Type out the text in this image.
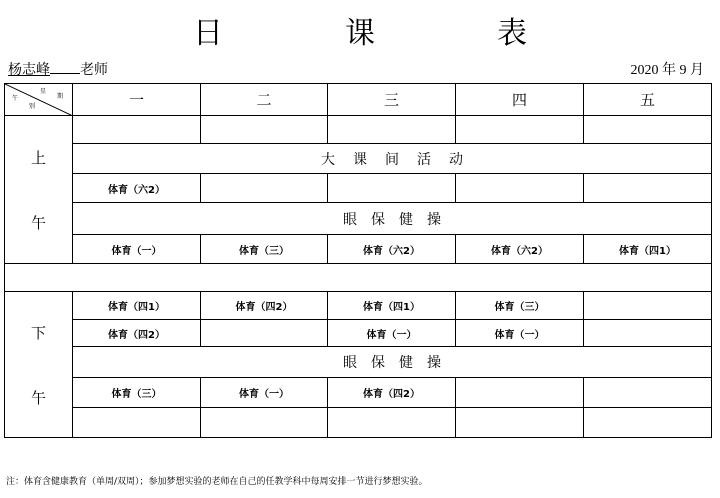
日　课　表
杨志峰 老师	2020 年 9 月
星
期
午
别	一	二	三	四	五

上
午					

	大课间活动				
	体育（六2）				
	眼保健操				
	体育（一）	体育（三）	体育（六2）	体育（六2）	体育（四1）

下
午	体育（四1）	体育（四2）	体育（四1）	体育（三）	
	体育（四2）		体育（一）	体育（一）	
	眼保健操				
	体育（三）	体育（一）	体育（四2）		

注：体育含健康教育（单周/双周）；参加梦想实验的老师在自己的任教学科中每周安排一节进行梦想实验。
